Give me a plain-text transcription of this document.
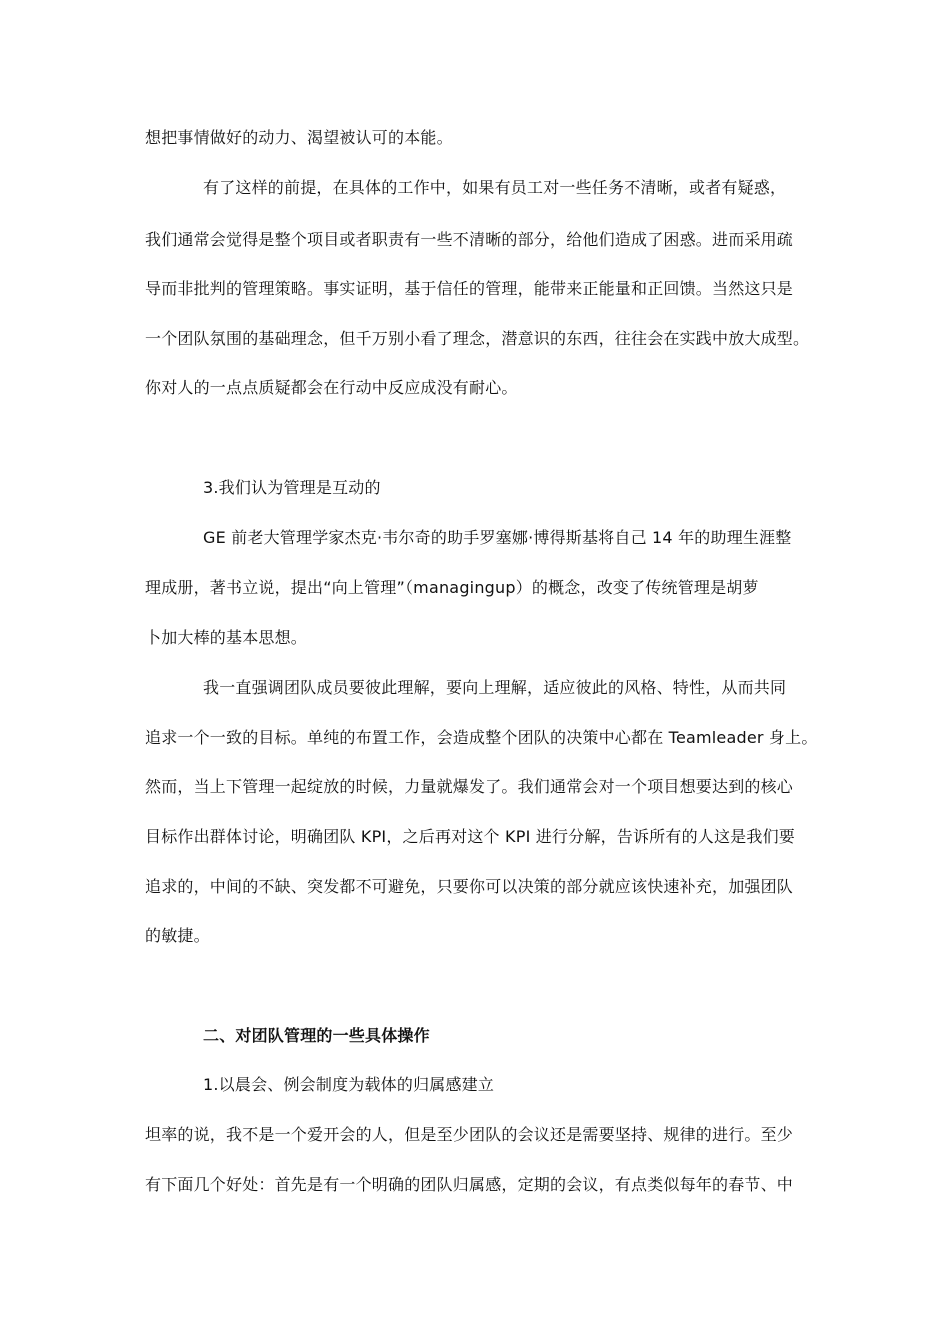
想把事情做好的动力、渴望被认可的本能。
有了这样的前提，在具体的工作中，如果有员工对一些任务不清晰，或者有疑惑，
我们通常会觉得是整个项目或者职责有一些不清晰的部分，给他们造成了困惑。进而采用疏
导而非批判的管理策略。事实证明，基于信任的管理，能带来正能量和正回馈。当然这只是
一个团队氛围的基础理念，但千万别小看了理念，潜意识的东西，往往会在实践中放大成型。
你对人的一点点质疑都会在行动中反应成没有耐心。
3.我们认为管理是互动的
GE 前老大管理学家杰克·韦尔奇的助手罗塞娜·博得斯基将自己 14 年的助理生涯整
理成册，著书立说，提出“向上管理”（managingup）的概念，改变了传统管理是胡萝
卜加大棒的基本思想。
我一直强调团队成员要彼此理解，要向上理解，适应彼此的风格、特性，从而共同
追求一个一致的目标。单纯的布置工作，会造成整个团队的决策中心都在 Teamleader 身上。
然而，当上下管理一起绽放的时候，力量就爆发了。我们通常会对一个项目想要达到的核心
目标作出群体讨论，明确团队 KPI，之后再对这个 KPI 进行分解，告诉所有的人这是我们要
追求的，中间的不缺、突发都不可避免，只要你可以决策的部分就应该快速补充，加强团队
的敏捷。
二、对团队管理的一些具体操作
1.以晨会、例会制度为载体的归属感建立
坦率的说，我不是一个爱开会的人，但是至少团队的会议还是需要坚持、规律的进行。至少
有下面几个好处：首先是有一个明确的团队归属感，定期的会议，有点类似每年的春节、中
